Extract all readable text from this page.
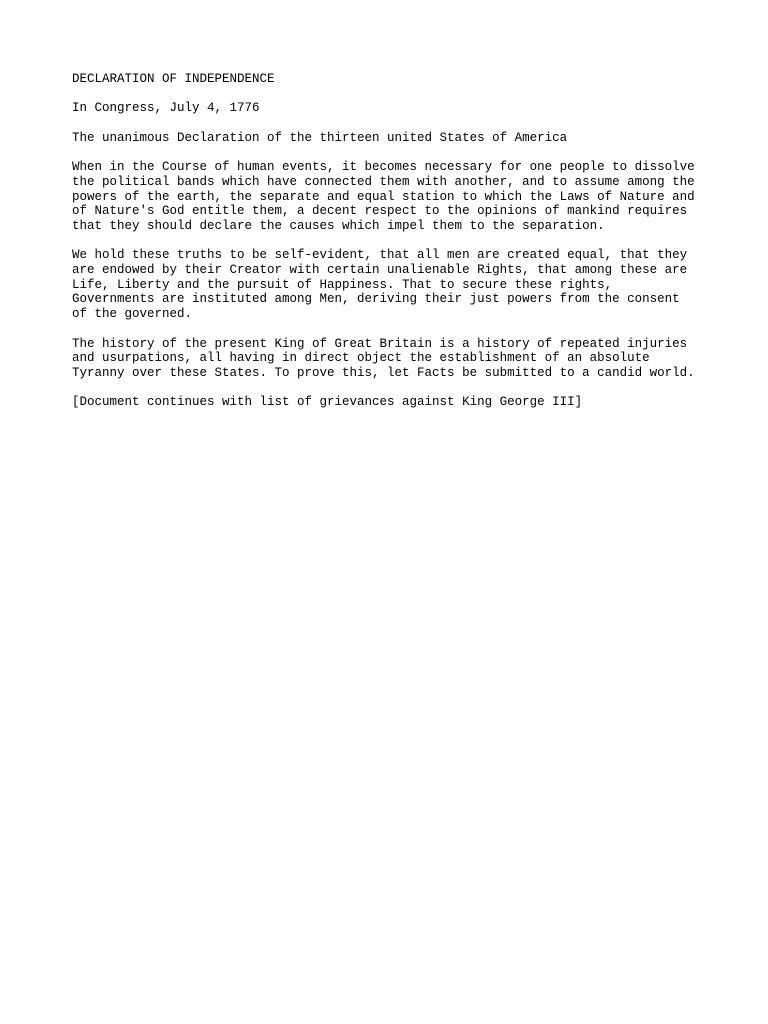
DECLARATION OF INDEPENDENCE
In Congress, July 4, 1776
The unanimous Declaration of the thirteen united States of America
When in the Course of human events, it becomes necessary for one people to dissolve
the political bands which have connected them with another, and to assume among the
powers of the earth, the separate and equal station to which the Laws of Nature and
of Nature's God entitle them, a decent respect to the opinions of mankind requires
that they should declare the causes which impel them to the separation.
We hold these truths to be self-evident, that all men are created equal, that they
are endowed by their Creator with certain unalienable Rights, that among these are
Life, Liberty and the pursuit of Happiness. That to secure these rights,
Governments are instituted among Men, deriving their just powers from the consent
of the governed.
The history of the present King of Great Britain is a history of repeated injuries
and usurpations, all having in direct object the establishment of an absolute
Tyranny over these States. To prove this, let Facts be submitted to a candid world.
[Document continues with list of grievances against King George III]
